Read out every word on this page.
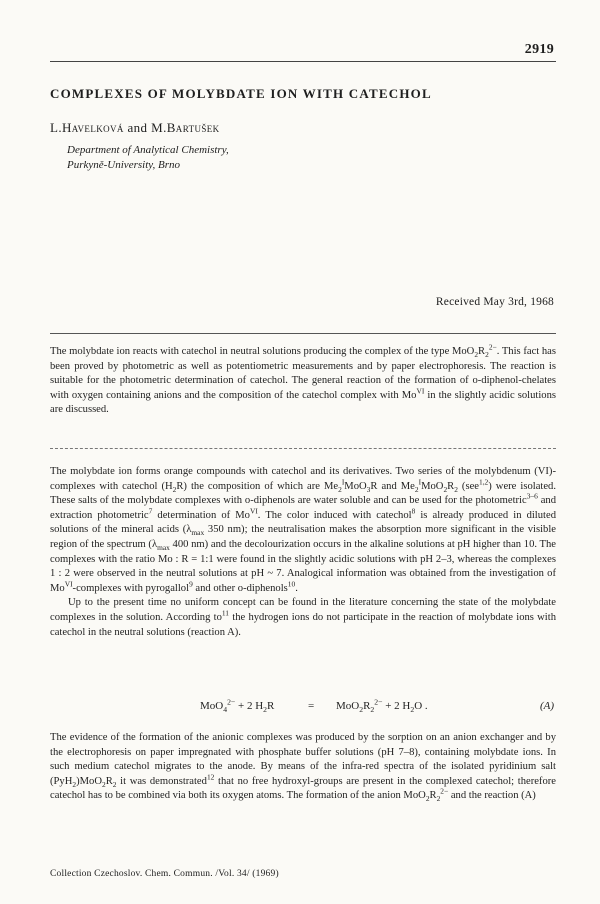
2919
COMPLEXES OF MOLYBDATE ION WITH CATECHOL
L.Havelková and M.Bartušek
Department of Analytical Chemistry,
Purkyně-University, Brno
Received May 3rd, 1968
The molybdate ion reacts with catechol in neutral solutions producing the complex of the type $MoO_2R_2^{2-}$. This fact has been proved by photometric as well as potentiometric measurements and by paper electrophoresis. The reaction is suitable for the photometric determination of catechol. The general reaction of the formation of o-diphenol-chelates with oxygen containing anions and the composition of the catechol complex with $Mo^{VI}$ in the slightly acidic solutions are discussed.

The molybdate ion forms orange compounds with catechol and its derivatives. Two series of the molybdenum (VI)-complexes with catechol $(H_2R)$ the composition of which are $Me_2^IMoO_3R$ and $Me_2^IMoO_2R_2$ (see$^{1,2}$) were isolated. These salts of the molybdate complexes with o-diphenols are water soluble and can be used for the photometric$^{3-6}$ and extraction photometric$^7$ determination of $Mo^{VI}$. The color induced with catechol$^8$ is already produced in diluted solutions of the mineral acids ($\lambda_{max}$ 350 nm); the neutralisation makes the absorption more significant in the visible region of the spectrum ($\lambda_{max}$ 400 nm) and the decolourization occurs in the alkaline solutions at pH higher than 10. The complexes with the ratio Mo : R = 1:1 were found in the slightly acidic solutions with pH 2–3, whereas the complexes 1 : 2 were observed in the neutral solutions at pH ~ 7. Analogical information was obtained from the investigation of $Mo^{VI}$-complexes with pyrogallol$^9$ and other o-diphenols$^{10}$.

Up to the present time no uniform concept can be found in the literature concerning the state of the molybdate complexes in the solution. According $to^{11}$ the hydrogen ions do not participate in the reaction of molybdate ions with catechol in the neutral solutions (reaction A).

MoO$_4^{2-}$ + 2 $H_2R$	= $MoO_2R_2^{2-} + 2$ $H_2O$ .	(A)
The evidence of the formation of the anionic complexes was produced by the sorption on an anion exchanger and by the electrophoresis on paper impregnated with phosphate buffer solutions (pH 7–8), containing molybdate ions. In such medium catechol migrates to the anode. By means of the infra-red spectra of the isolated pyridinium salt $(PyH_2)MoO_2R_2$ it was demonstrated$^{12}$ that no free hydroxyl-groups are present in the complexed catechol; therefore catechol has to be combined via both its oxygen atoms. The formation of the anion $MoO_2R_2^{2-}$ and the reaction (A)
Collection Czechoslov. Chem. Commun. /Vol. 34/ (1969)
